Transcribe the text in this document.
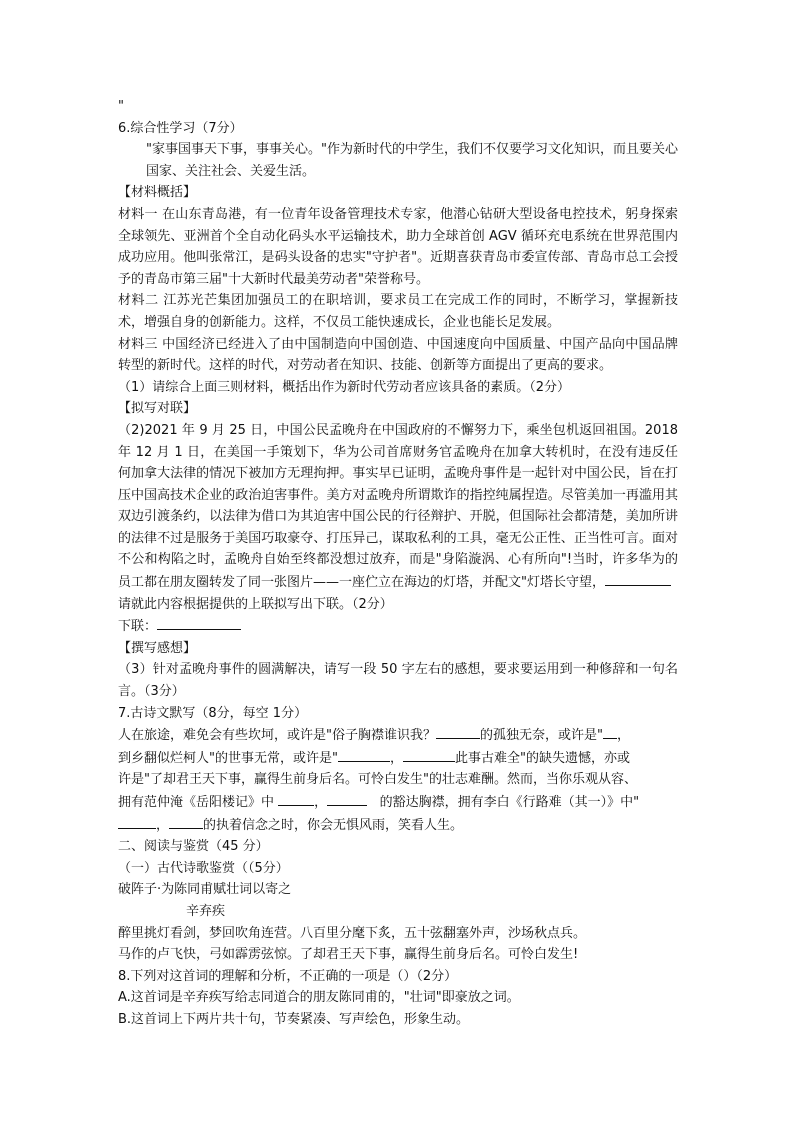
"

6.综合性学习（7分）

"家事国事天下事，事事关心。"作为新时代的中学生，我们不仅要学习文化知识，而且要关心国家、关注社会、关爱生活。

【材料概括】

材料一 在山东青岛港，有一位青年设备管理技术专家，他潜心钻研大型设备电控技术，躬身探索全球领先、亚洲首个全自动化码头水平运输技术，助力全球首创 AGV 循环充电系统在世界范围内成功应用。他叫张常江，是码头设备的忠实"守护者"。近期喜获青岛市委宣传部、青岛市总工会授予的青岛市第三届"十大新时代最美劳动者"荣誉称号。

材料二 江苏光芒集团加强员工的在职培训，要求员工在完成工作的同时，不断学习，掌握新技术，增强自身的创新能力。这样，不仅员工能快速成长，企业也能长足发展。

材料三 中国经济已经进入了由中国制造向中国创造、中国速度向中国质量、中国产品向中国品牌转型的新时代。这样的时代，对劳动者在知识、技能、创新等方面提出了更高的要求。

（1）请综合上面三则材料，概括出作为新时代劳动者应该具备的素质。（2分）

【拟写对联】

（2)2021 年 9 月 25 日，中国公民孟晚舟在中国政府的不懈努力下，乘坐包机返回祖国。2018 年 12 月 1 日，在美国一手策划下，华为公司首席财务官孟晚舟在加拿大转机时，在没有违反任何加拿大法律的情况下被加方无理拘押。事实早已证明，孟晚舟事件是一起针对中国公民，旨在打压中国高技术企业的政治迫害事件。美方对孟晚舟所谓欺诈的指控纯属捏造。尽管美加一再滥用其双边引渡条约，以法律为借口为其迫害中国公民的行径辩护、开脱，但国际社会都清楚，美加所讲的法律不过是服务于美国巧取豪夺、打压异己，谋取私利的工具，毫无公正性、正当性可言。面对不公和构陷之时，孟晚舟自始至终都没想过放弃，而是"身陷漩涡、心有所向"!当时，许多华为的员工都在朋友圈转发了同一张图片——一座伫立在海边的灯塔，并配文"灯塔长守望，

请就此内容根据提供的上联拟写出下联。（2分）

下联：

【撰写感想】

（3）针对孟晚舟事件的圆满解决，请写一段 50 字左右的感想，要求要运用到一种修辞和一句名言。（3分）

7.古诗文默写（8分，每空 1分）

人在旅途，难免会有些坎坷，或许是"俗子胸襟谁识我？	的孤独无奈，或许是" ，

到乡翻似烂柯人"的世事无常，或许是"	，	此事古难全"的缺失遗憾，亦或

许是"了却君王天下事，赢得生前身后名。可怜白发生"的壮志难酬。然而，当你乐观从容、

拥有范仲淹《岳阳楼记》中	，	的豁达胸襟，拥有李白《行路难（其一）》中"

，	的执着信念之时，你会无惧风雨，笑看人生。

二、阅读与鉴赏（45 分）

（一）古代诗歌鉴赏（（5分）

破阵子·为陈同甫赋壮词以寄之

辛弃疾

醉里挑灯看剑，梦回吹角连营。八百里分麾下炙，五十弦翻塞外声，沙场秋点兵。

马作的卢飞快，弓如霹雳弦惊。了却君王天下事，赢得生前身后名。可怜白发生!

8.下列对这首词的理解和分析，不正确的一项是（）（2分）

A.这首词是辛弃疾写给志同道合的朋友陈同甫的，"壮词"即豪放之词。

B.这首词上下两片共十句，节奏紧凑、写声绘色，形象生动。
